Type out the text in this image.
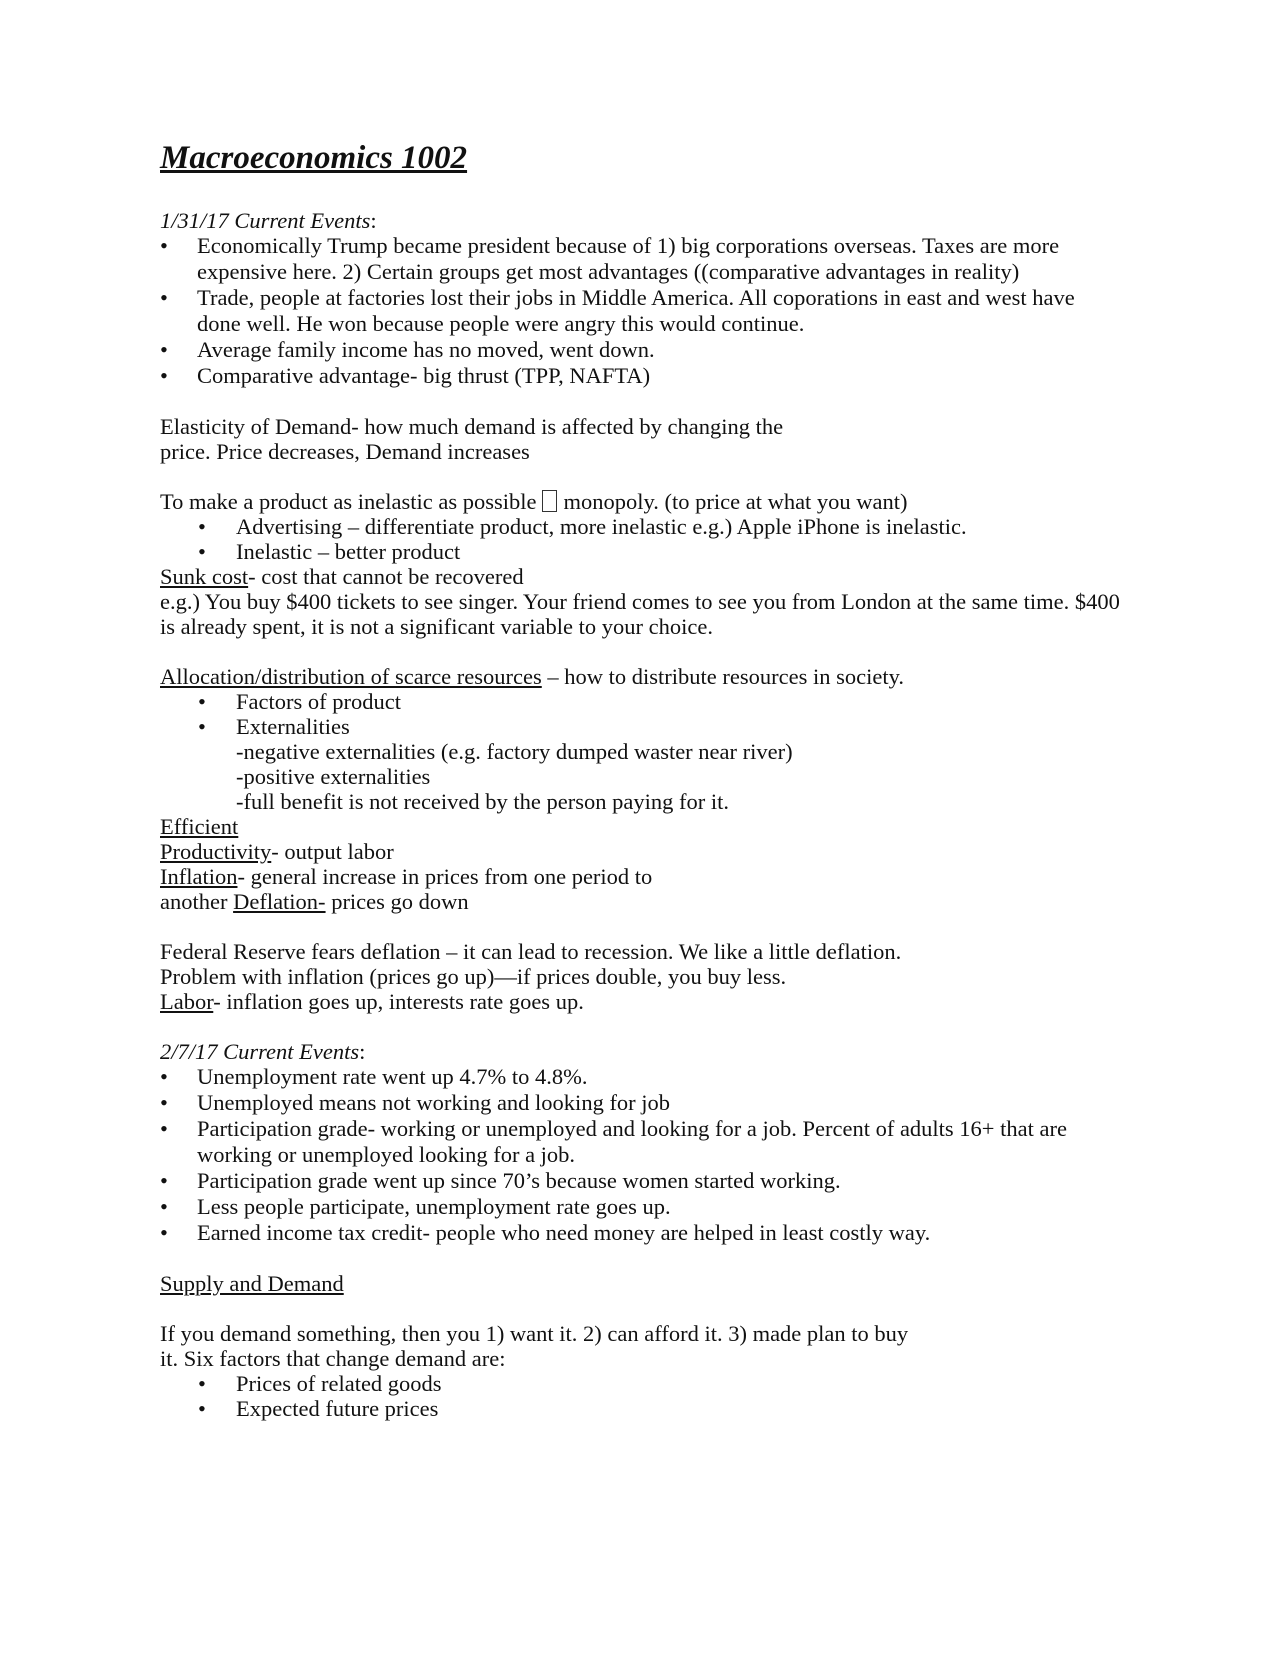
Macroeconomics 1002

1/31/17 Current Events:

• Economically Trump became president because of 1) big corporations overseas. Taxes are more expensive here. 2) Certain groups get most advantages ((comparative advantages in reality)
• Trade, people at factories lost their jobs in Middle America. All coporations in east and west have done well. He won because people were angry this would continue.
• Average family income has no moved, went down.
• Comparative advantage- big thrust (TPP, NAFTA)

Elasticity of Demand- how much demand is affected by changing the

price. Price decreases, Demand increases

To make a product as inelastic as possible monopoly. (to price at what you want)

• Advertising – differentiate product, more inelastic e.g.) Apple iPhone is inelastic.
• Inelastic – better product

Sunk cost- cost that cannot be recovered

e.g.) You buy $400 tickets to see singer. Your friend comes to see you from London at the same time. $400 is already spent, it is not a significant variable to your choice.

Allocation/distribution of scarce resources – how to distribute resources in society.

• Factors of product
• Externalities

-negative externalities (e.g. factory dumped waster near river)

-positive externalities

-full benefit is not received by the person paying for it.

Efficient

Productivity- output labor

Inflation- general increase in prices from one period to

another Deflation- prices go down

Federal Reserve fears deflation – it can lead to recession. We like a little deflation.

Problem with inflation (prices go up)—if prices double, you buy less.

Labor- inflation goes up, interests rate goes up.

2/7/17 Current Events:

• Unemployment rate went up 4.7% to 4.8%.
• Unemployed means not working and looking for job
• Participation grade- working or unemployed and looking for a job. Percent of adults 16+ that are working or unemployed looking for a job.
• Participation grade went up since 70’s because women started working.
• Less people participate, unemployment rate goes up.
• Earned income tax credit- people who need money are helped in least costly way.

Supply and Demand

If you demand something, then you 1) want it. 2) can afford it. 3) made plan to buy

it. Six factors that change demand are:

• Prices of related goods
• Expected future prices
